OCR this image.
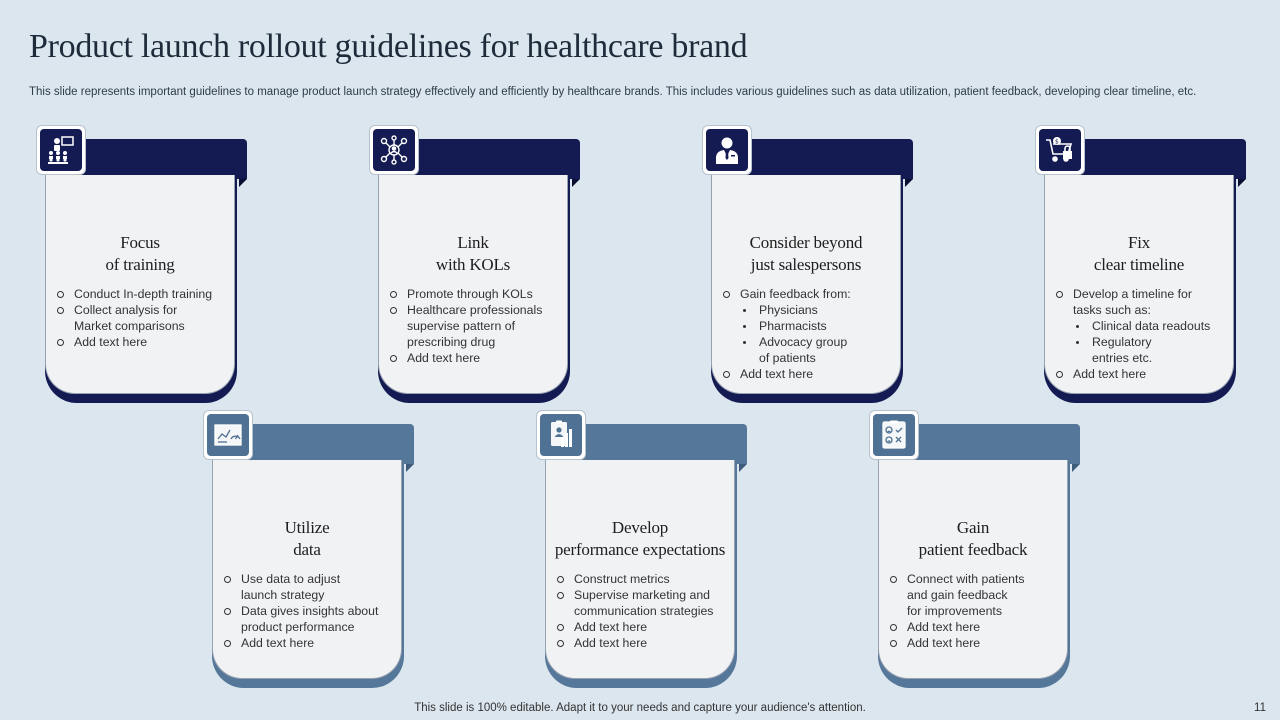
Product launch rollout guidelines for healthcare brand

This slide represents important guidelines to manage product launch strategy effectively and efficiently by healthcare brands. This includes various guidelines such as data utilization, patient feedback, developing clear timeline, etc.

Focus
of training
Conduct In-depth training
Collect analysis for
Market comparisons
Add text here
Link
with KOLs
Promote through KOLs
Healthcare professionals
supervise pattern of
prescribing drug
Add text here
Consider beyond
just salespersons
Gain feedback from:
Physicians
Pharmacists
Advocacy group
of patients
Add text here
Fix
clear timeline
Develop a timeline for
tasks such as:
Clinical data readouts
Regulatory
entries etc.
Add text here
$
Utilize
data
Use data to adjust
launch strategy
Data gives insights about
product performance
Add text here
Develop
performance expectations
Construct metrics
Supervise marketing and
communication strategies
Add text here
Add text here
Gain
patient feedback
Connect with patients
and gain feedback
for improvements
Add text here
Add text here

This slide is 100% editable. Adapt it to your needs and capture your audience's attention.	11
